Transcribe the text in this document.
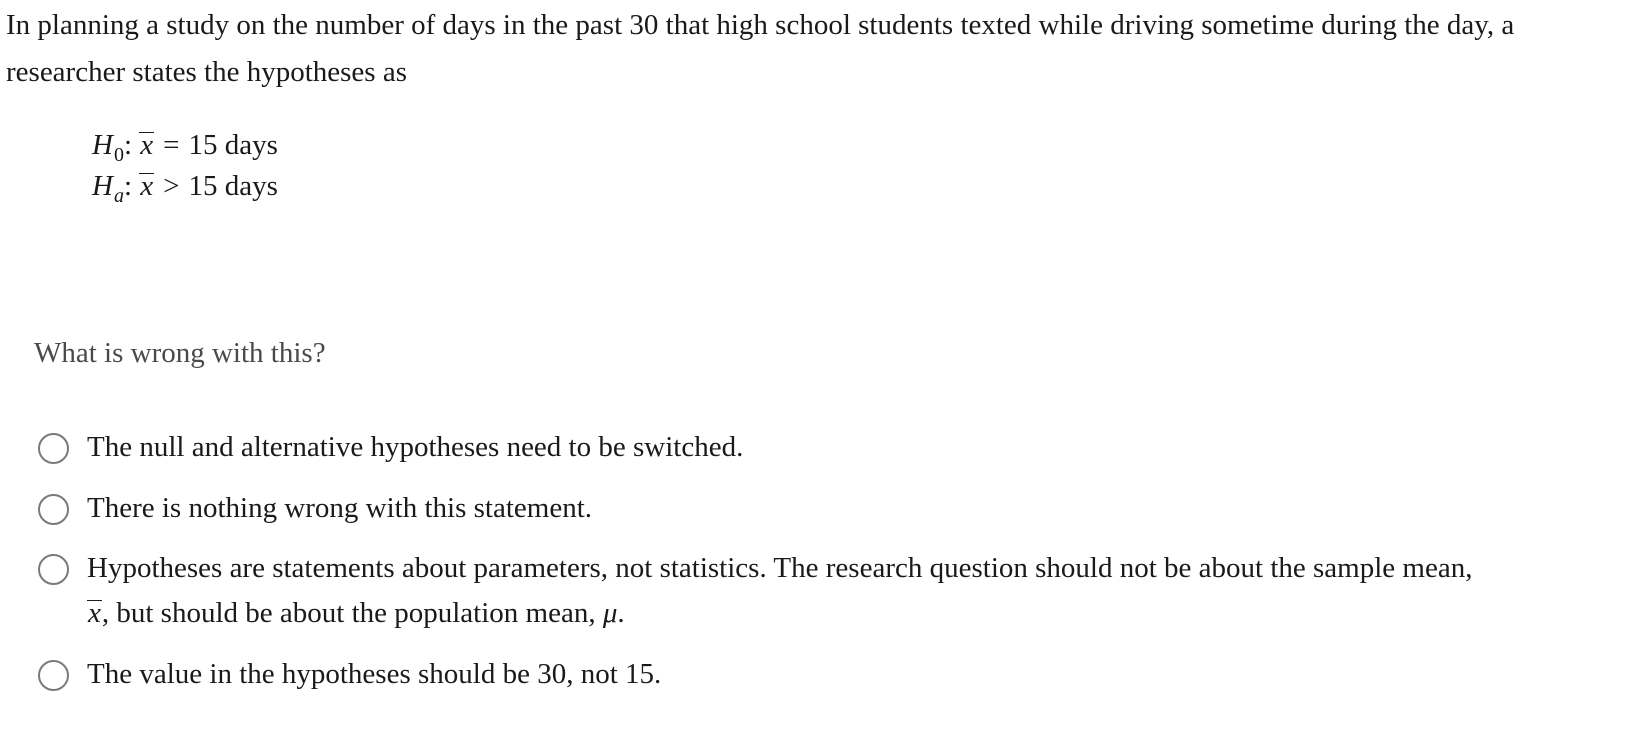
In planning a study on the number of days in the past 30 that high school students texted while driving sometime during the day, a researcher states the hypotheses as
$H_0$: x = 15 days
$H_a$: x > 15 days
What is wrong with this?
The null and alternative hypotheses need to be switched.
There is nothing wrong with this statement.
Hypotheses are statements about parameters, not statistics. The research question should not be about the sample mean,
x, but should be about the population mean, μ.
The value in the hypotheses should be 30, not 15.
